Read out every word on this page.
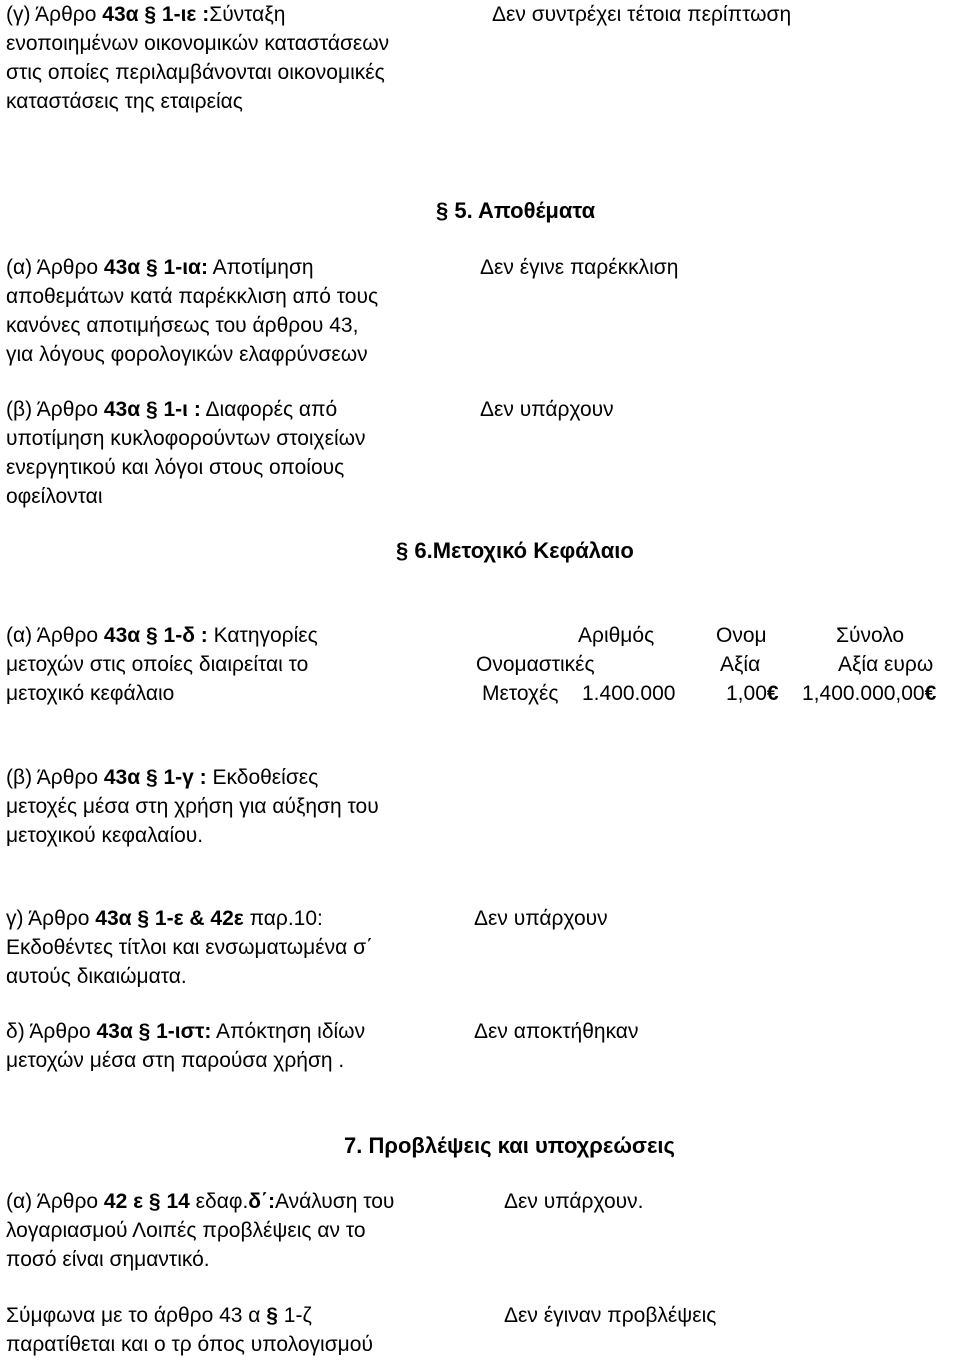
(γ) Άρθρο 43α § 1-ιε :Σύνταξη
ενοποιημένων οικονομικών καταστάσεων
στις οποίες περιλαμβάνονται οικονομικές
καταστάσεις της εταιρείας
Δεν συντρέχει τέτοια περίπτωση
§ 5. Αποθέματα
(α) Άρθρο 43α § 1-ια: Αποτίμηση
αποθεμάτων κατά παρέκκλιση από τους
κανόνες αποτιμήσεως του άρθρου 43,
για λόγους φορολογικών ελαφρύνσεων
Δεν έγινε παρέκκλιση
(β) Άρθρο 43α § 1-ι : Διαφορές από
υποτίμηση κυκλοφορούντων στοιχείων
ενεργητικού και λόγοι στους οποίους
οφείλονται
Δεν υπάρχουν
§ 6.Μετοχικό Κεφάλαιο
(α) Άρθρο 43α § 1-δ : Κατηγορίες
μετοχών στις οποίες διαιρείται το
μετοχικό κεφάλαιο
Αριθμός	Ονομ	Σύνολο
Ονομαστικές	Αξία	Αξία ευρω
Μετοχές 1.400.000 1,00€ 1,400.000,00€
(β) Άρθρο 43α § 1-γ : Εκδοθείσες
μετοχές μέσα στη χρήση για αύξηση του
μετοχικού κεφαλαίου.
γ) Άρθρο 43α § 1-ε & 42ε παρ.10:
Εκδοθέντες τίτλοι και ενσωματωμένα σ΄
αυτούς δικαιώματα.
Δεν υπάρχουν
δ) Άρθρο 43α § 1-ιστ: Απόκτηση ιδίων
μετοχών μέσα στη παρούσα χρήση .
Δεν αποκτήθηκαν
7. Προβλέψεις και υποχρεώσεις
(α) Άρθρο 42 ε § 14 εδαφ.δ΄:Ανάλυση του
λογαριασμού Λοιπές προβλέψεις αν το
ποσό είναι σημαντικό.
Δεν υπάρχουν.
Σύμφωνα με το άρθρο 43 α § 1-ζ
παρατίθεται και ο τρ όπος υπολογισμού
Δεν έγιναν προβλέψεις
